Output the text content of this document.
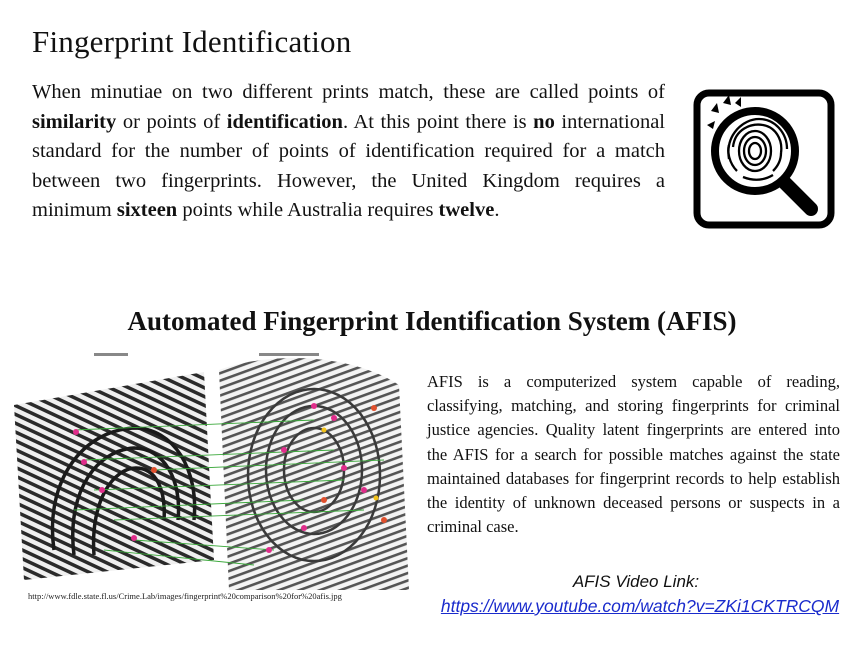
Fingerprint Identification

When minutiae on two different prints match, these are called points of similarity or points of identification. At this point there is no international standard for the number of points of identification required for a match between two fingerprints. However, the United Kingdom requires a minimum sixteen points while Australia requires twelve.

Automated Fingerprint Identification System (AFIS)
http://www.fdle.state.fl.us/Crime.Lab/images/fingerprint%20comparison%20for%20afis.jpg

AFIS is a computerized system capable of reading, classifying, matching, and storing fingerprints for criminal justice agencies. Quality latent fingerprints are entered into the AFIS for a search for possible matches against the state maintained databases for fingerprint records to help establish the identity of unknown deceased persons or suspects in a criminal case.

AFIS Video Link:
https://www.youtube.com/watch?v=ZKi1CKTRCQM
